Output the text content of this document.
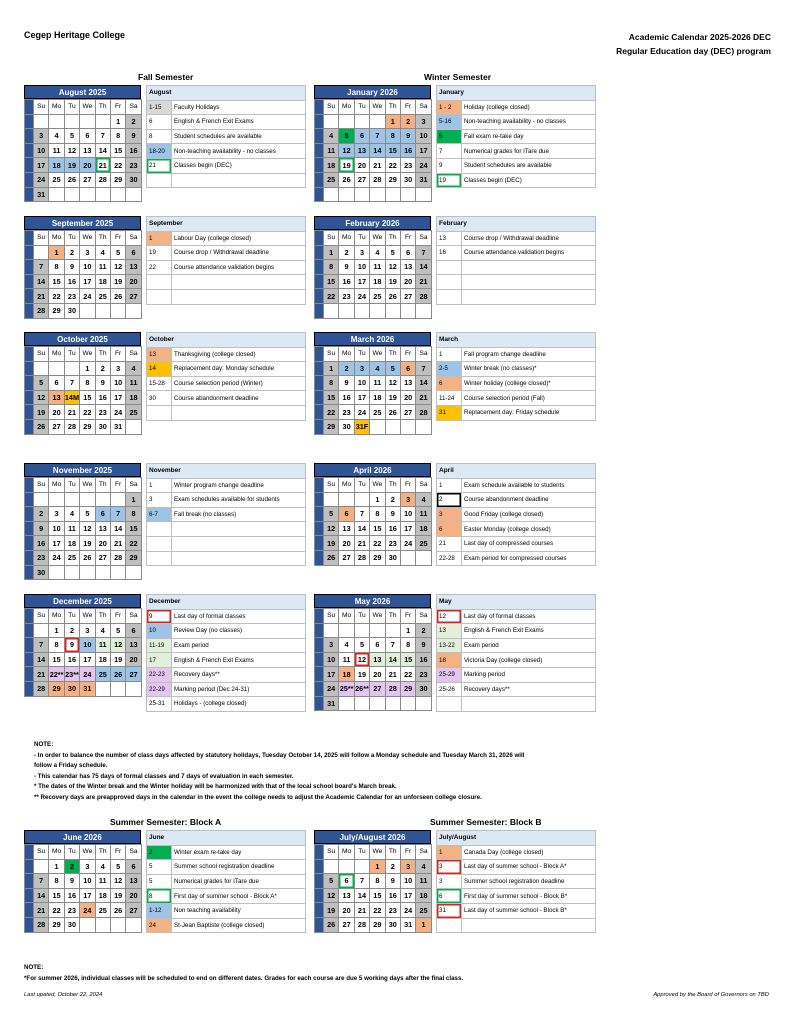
Cegep Heritage College	Academic Calendar 2025-2026 DEC
Regular Education day (DEC) program
Fall Semester	Winter Semester
Summer Semester: Block A	Summer Semester: Block B
August 2025
	Su	Mo	Tu	We	Th	Fr	Sa
						1	2
	3	4	5	6	7	8	9
	10	11	12	13	14	15	16
	17	18	19	20	21	22	23
	24	25	26	27	28	29	30
	31						
August	
1-15	Faculty Holidays
6	English & French Exit Exams
8	Student schedules are available
18-20	Non-teaching availability - no classes
21	Classes begin (DEC)

January 2026
	Su	Mo	Tu	We	Th	Fr	Sa
					1	2	3
	4	5	6	7	8	9	10
	11	12	13	14	15	16	17
	18	19	20	21	22	23	24
	25	26	27	28	29	30	31

January	
1 - 2	Holiday (college closed)
5-16	Non-teaching availability - no classes
5	Fall exam re-take day
7	Numerical grades for ITare due
9	Student schedules are available
19	Classes begin (DEC)
September 2025
	Su	Mo	Tu	We	Th	Fr	Sa
		1	2	3	4	5	6
	7	8	9	10	11	12	13
	14	15	16	17	18	19	20
	21	22	23	24	25	26	27
	28	29	30				
September	
1	Labour Day (college closed)
19	Course drop / Withdrawal deadline
22	Course attendance validation begins

February 2026
	Su	Mo	Tu	We	Th	Fr	Sa
	1	2	3	4	5	6	7
	8	9	10	11	12	13	14
	15	16	17	18	19	20	21
	22	23	24	25	26	27	28

February	
13	Course drop / Withdrawal deadline
16	Course attendance validation begins

October 2025
	Su	Mo	Tu	We	Th	Fr	Sa
				1	2	3	4
	5	6	7	8	9	10	11
	12	13	14M	15	16	17	18
	19	20	21	22	23	24	25
	26	27	28	29	30	31	
October	
13	Thanksgiving (college closed)
14	Replacement day: Monday schedule
15-28	Course selection period (Winter)
30	Course abandonment deadline

March 2026
	Su	Mo	Tu	We	Th	Fr	Sa
	1	2	3	4	5	6	7
	8	9	10	11	12	13	14
	15	16	17	18	19	20	21
	22	23	24	25	26	27	28
	29	30	31F				
March	
1	Fall program change deadline
2-5	Winter break (no classes)*
6	Winter holiday (college closed)*
11-24	Course selection period (Fall)
31	Replacement day: Friday schedule
November 2025
	Su	Mo	Tu	We	Th	Fr	Sa
							1
	2	3	4	5	6	7	8
	9	10	11	12	13	14	15
	16	17	18	19	20	21	22
	23	24	25	26	27	28	29
	30						
November	
1	Winter program change deadline
3	Exam schedules available for students
6-7	Fall break (no classes)

April 2026
	Su	Mo	Tu	We	Th	Fr	Sa
				1	2	3	4
	5	6	7	8	9	10	11
	12	13	14	15	16	17	18
	19	20	21	22	23	24	25
	26	27	28	29	30		
April	
1	Exam schedule available to students
2	Course abandonment deadline
3	Good Friday (college closed)
6	Easter Monday (college closed)
21	Last day of compressed courses
22-28	Exam period for compressed courses
December 2025
	Su	Mo	Tu	We	Th	Fr	Sa
		1	2	3	4	5	6
	7	8	9	10	11	12	13
	14	15	16	17	18	19	20
	21	22**	23**	24	25	26	27
	28	29	30	31			
December	
9	Last day of formal classes
10	Review Day (no classes)
11-19	Exam period
17	English & French Exit Exams
22-23	Recovery days**
22-29	Marking period (Dec 24-31)
25-31	Holidays - (college closed)
May 2026
	Su	Mo	Tu	We	Th	Fr	Sa
						1	2
	3	4	5	6	7	8	9
	10	11	12	13	14	15	16
	17	18	19	20	21	22	23
	24	25**	26**	27	28	29	30
	31						
May	
12	Last day of formal classes
13	English & French Exit Exams
13-22	Exam period
18	Victoria Day (college closed)
25-29	Marking period
25-26	Recovery days**

June 2026
	Su	Mo	Tu	We	Th	Fr	Sa
		1	2	3	4	5	6
	7	8	9	10	11	12	13
	14	15	16	17	18	19	20
	21	22	23	24	25	26	27
	28	29	30				
June	
2	Winter exam re-take day
5	Summer school registration deadline
5	Numerical grades for ITare due
8	First day of summer school - Block A*
1-12	Non teaching availability
24	St-Jean Baptiste (college closed)
July/August 2026
	Su	Mo	Tu	We	Th	Fr	Sa
				1	2	3	4
	5	6	7	8	9	10	11
	12	13	14	15	16	17	18
	19	20	21	22	23	24	25
	26	27	28	29	30	31	1
July/August	
1	Canada Day (college closed)
3	Last day of summer school - Block A*
3	Summer school registration deadline
6	First day of summer school - Block B*
31	Last day of summer school - Block B*

NOTE:
- In order to balance the number of class days affected by statutory holidays, Tuesday October 14, 2025 will follow a Monday schedule and Tuesday March 31, 2026 will
follow a Friday schedule.
- This calendar has 75 days of formal classes and 7 days of evaluation in each semester.
* The dates of the Winter break and the Winter holiday will be harmonized with that of the local school board's March break.
** Recovery days are preapproved days in the calendar in the event the college needs to adjust the Academic Calendar for an unforseen college closure.
NOTE:
*For summer 2026, individual classes will be scheduled to end on different dates. Grades for each course are due 5 working days after the final class.
Last upated, October 22, 2024	Approved by the Board of Governors on TBD
